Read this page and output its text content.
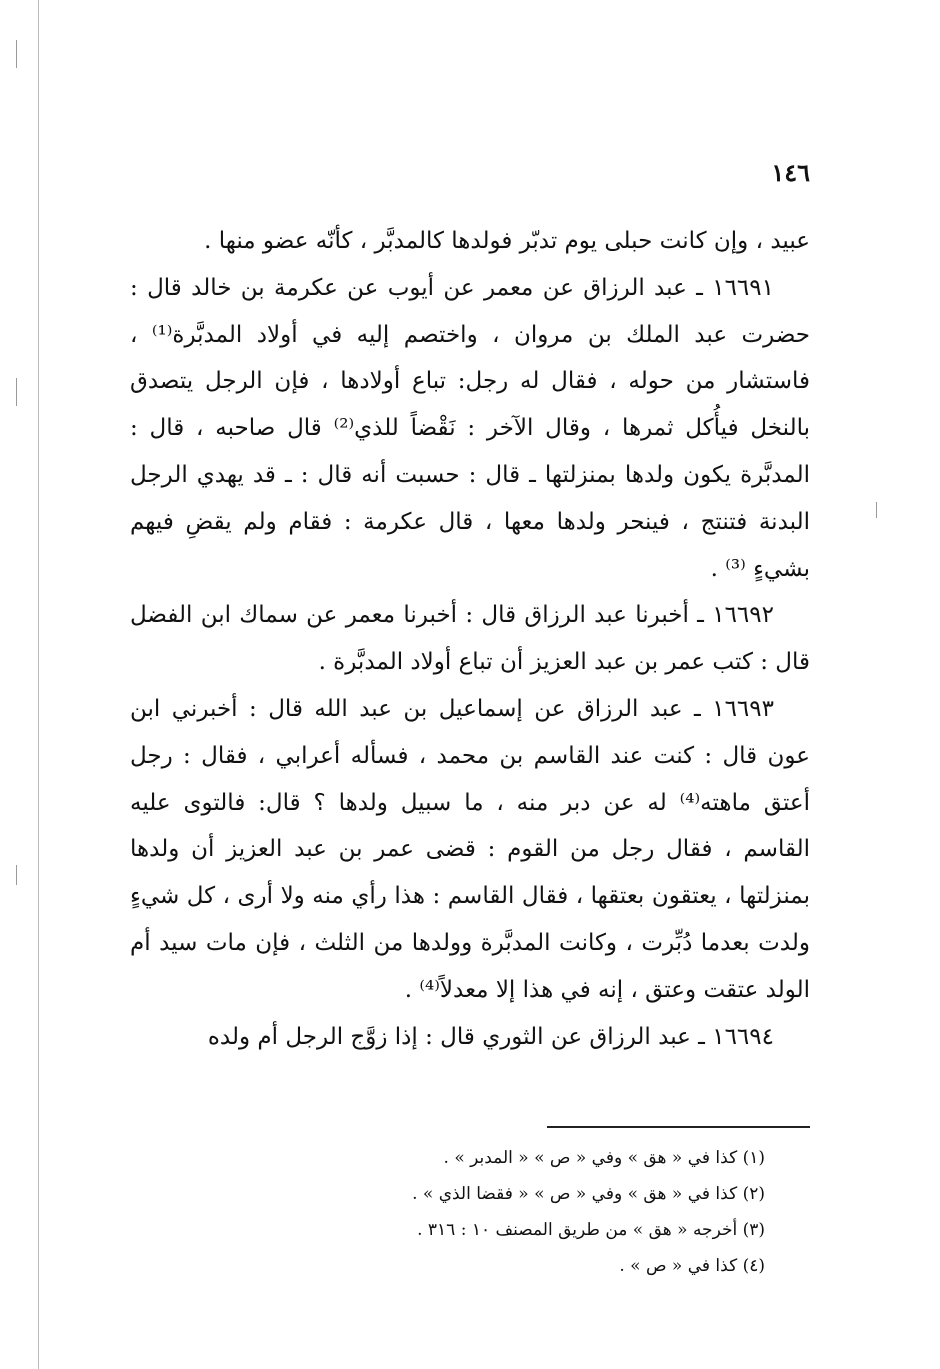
١٤٦

عبيد ، وإن كانت حبلى يوم تدبّر فولدها كالمدبَّر ، كأنّه عضو منها .

١٦٦٩١ ـ عبد الرزاق عن معمر عن أيوب عن عكرمة بن خالد قال : حضرت عبد الملك بن مروان ، واختصم إليه في أولاد المدبَّرة⁽¹⁾ ، فاستشار من حوله ، فقال له رجل: تباع أولادها ، فإن الرجل يتصدق بالنخل فيأُكل ثمرها ، وقال الآخر : نَقْضاً للذي⁽²⁾ قال صاحبه ، قال : المدبَّرة يكون ولدها بمنزلتها ـ قال : حسبت أنه قال : ـ قد يهدي الرجل البدنة فتنتج ، فينحر ولدها معها ، قال عكرمة : فقام ولم يقضِ فيهم بشيءٍ ⁽³⁾ .

١٦٦٩٢ ـ أخبرنا عبد الرزاق قال : أخبرنا معمر عن سماك ابن الفضل قال : كتب عمر بن عبد العزيز أن تباع أولاد المدبَّرة .

١٦٦٩٣ ـ عبد الرزاق عن إسماعيل بن عبد الله قال : أخبرني ابن عون قال : كنت عند القاسم بن محمد ، فسأله أعرابي ، فقال : رجل أعتق ماهته⁽⁴⁾ له عن دبر منه ، ما سبيل ولدها ؟ قال: فالتوى عليه القاسم ، فقال رجل من القوم : قضى عمر بن عبد العزيز أن ولدها بمنزلتها ، يعتقون بعتقها ، فقال القاسم : هذا رأي منه ولا أرى ، كل شيءٍ ولدت بعدما دُبِّرت ، وكانت المدبَّرة وولدها من الثلث ، فإن مات سيد أم الولد عتقت وعتق ، إنه في هذا إلا معدلاً⁽⁴⁾ .

١٦٦٩٤ ـ عبد الرزاق عن الثوري قال : إذا زوَّج الرجل أم ولده

(١) كذا في « هق » وفي « ص » « المدبر » .
(٢) كذا في « هق » وفي « ص » « فقضا الذي » .
(٣) أخرجه « هق » من طريق المصنف ١٠ : ٣١٦ .
(٤) كذا في « ص » .
